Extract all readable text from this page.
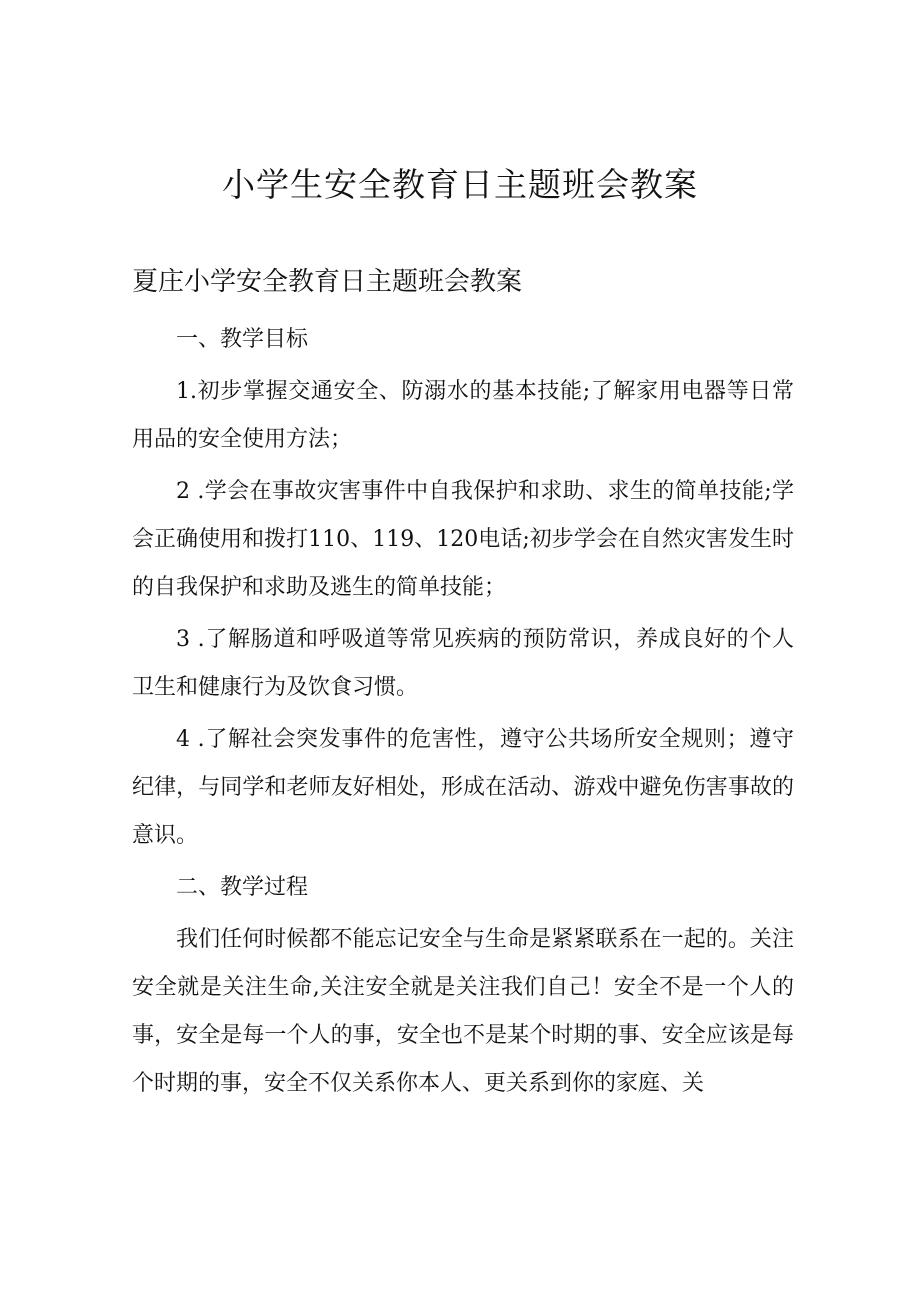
小学生安全教育日主题班会教案
夏庄小学安全教育日主题班会教案

一、教学目标

1.初步掌握交通安全、防溺水的基本技能;了解家用电器等日常用品的安全使用方法；

2 .学会在事故灾害事件中自我保护和求助、求生的简单技能;学会正确使用和拨打110、119、120电话;初步学会在自然灾害发生时的自我保护和求助及逃生的简单技能；

3 .了解肠道和呼吸道等常见疾病的预防常识，养成良好的个人卫生和健康行为及饮食习惯。

4 .了解社会突发事件的危害性，遵守公共场所安全规则；遵守纪律，与同学和老师友好相处，形成在活动、游戏中避免伤害事故的意识。

二、教学过程

我们任何时候都不能忘记安全与生命是紧紧联系在一起的。关注安全就是关注生命,关注安全就是关注我们自己！安全不是一个人的事，安全是每一个人的事，安全也不是某个时期的事、安全应该是每个时期的事，安全不仅关系你本人、更关系到你的家庭、关
